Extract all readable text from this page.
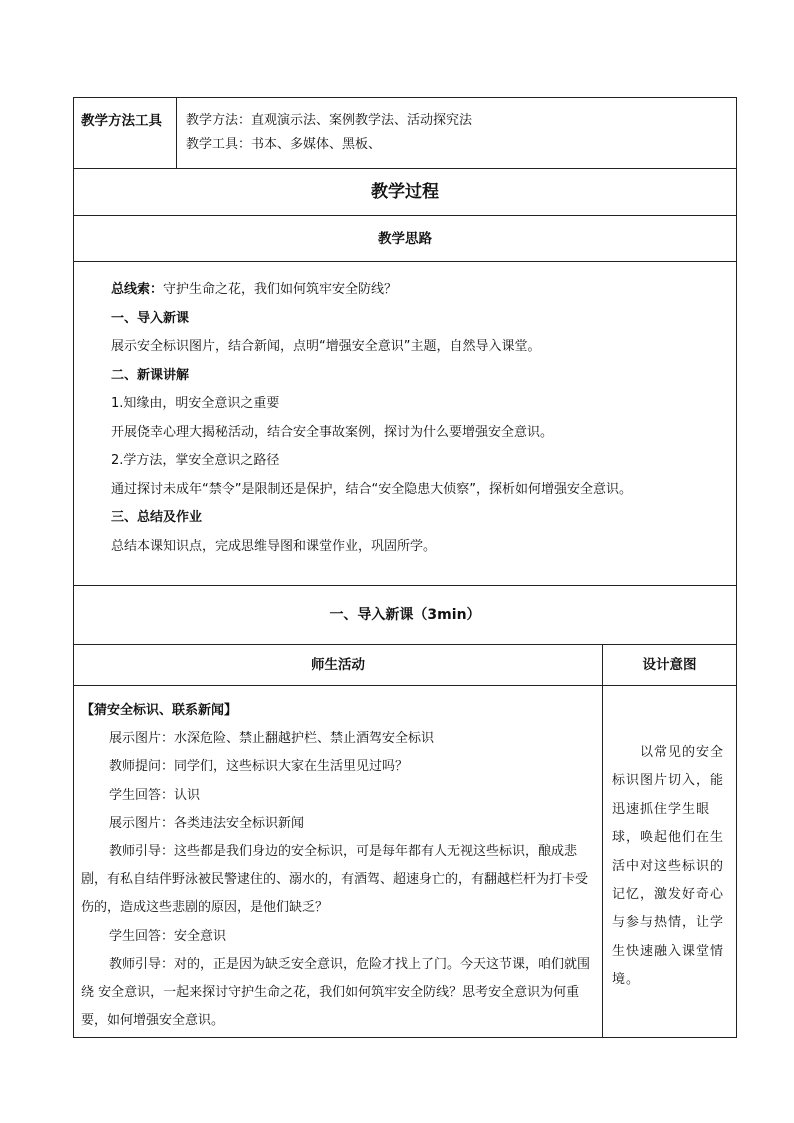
教学方法工具	教学方法：直观演示法、案例教学法、活动探究法
教学工具：书本、多媒体、黑板、
教学过程
教学思路

总线索：守护生命之花，我们如何筑牢安全防线？

一、导入新课

展示安全标识图片，结合新闻，点明“增强安全意识”主题，自然导入课堂。

二、新课讲解

1.知缘由，明安全意识之重要

开展侥幸心理大揭秘活动，结合安全事故案例，探讨为什么要增强安全意识。

2.学方法，掌安全意识之路径

通过探讨未成年“禁令”是限制还是保护，结合“安全隐患大侦察”，探析如何增强安全意识。

三、总结及作业

总结本课知识点，完成思维导图和课堂作业，巩固所学。

一、导入新课（3min）
师生活动	设计意图

【猜安全标识、联系新闻】

展示图片：水深危险、禁止翻越护栏、禁止酒驾安全标识

教师提问：同学们，这些标识大家在生活里见过吗？

学生回答：认识

展示图片：各类违法安全标识新闻

教师引导：这些都是我们身边的安全标识，可是每年都有人无视这些标识，酿成悲剧，有私自结伴野泳被民警逮住的、溺水的，有酒驾、超速身亡的，有翻越栏杆为打卡受伤的，造成这些悲剧的原因，是他们缺乏？

学生回答：安全意识

教师引导：对的，正是因为缺乏安全意识，危险才找上了门。今天这节课，咱们就围绕 安全意识，一起来探讨守护生命之花，我们如何筑牢安全防线？思考安全意识为何重要，如何增强安全意识。

以常见的安全标识图片切入，能迅速抓住学生眼球，唤起他们在生活中对这些标识的记忆，激发好奇心与参与热情，让学生快速融入课堂情境。
